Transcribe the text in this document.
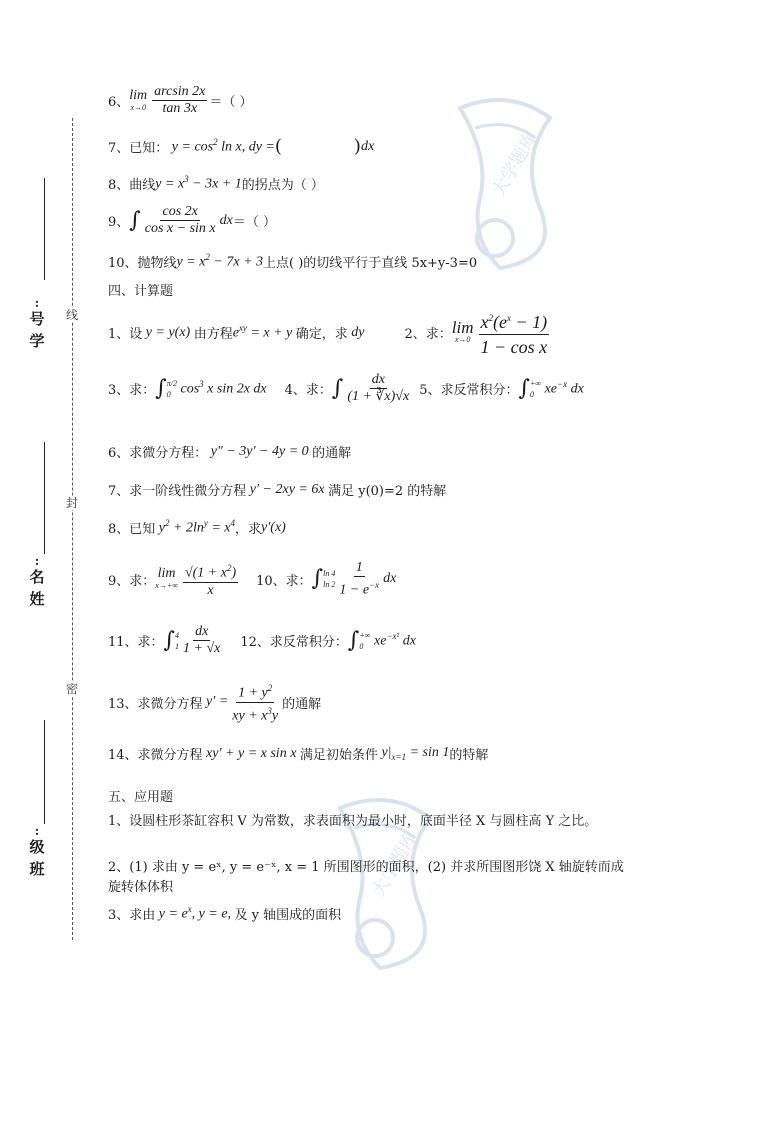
:
号
学
:
名
姓
:
级
班
线
封
密
大学题库
大学题库
6、 lim
$x\to 0 \frac{\arcsin 2x}{\tan 3x}$ ＝（ ）
7、已知： $y = \cos^2 \ln x$, dy = (	) dx
8、曲线 $y = x^3 - 3x + 1$ 的拐点为（ ）
9、 ∫ $\frac{\cos 2x}{\text{cos x − sin x}}$ dx ＝（ ）
10、抛物线 $y = x^2 - 7x + 3$ 上点( )的切线平行于直线 5x+y-3=0
四、计算题
1、设 y = y(x) 由方程 $e^{xy} = x + y$ 确定，求 dy	2、求： lim
$x\to 0 \frac{x^2(e^x - 1)}{\text{1 − cos x}}$
3、求： ∫ π/2
0 $\cos^3 x$ sin 2x dx 4、求： ∫ $\frac{dx}{(1 + ∛x)√x} 5$、求反常积分： ∫ +∞
0 $xe^{-x}$ dx
6、求微分方程： y″ − 3y′ − 4y = 0 的通解
7、求一阶线性微分方程 y′ − 2xy = 6x 满足 y(0)=2 的特解
8、已知 $y^2 + 2\ln^y = x^4$ ，求 y′(x)
9、求： lim
$x\to+\infty \frac{√(1 + x^2)}{x} 10$、求： ∫ ln 4
$\ln 2 \frac{1}{1 - e^{-x}}$ dx
11、求： ∫ 4
$1 \frac{dx}{1 + √x} 12$、求反常积分： ∫ +∞
0 $xe^{-x^2}$ dx
13、求微分方程 $y' = \frac{1 + y^2}{xy + x^3y}$ 的通解
14、求微分方程 xy′ + y = x sin x 满足初始条件 $y|_{x=1} = \sin 1$ 的特解
五、应用题
1、设圆柱形茶缸容积 V 为常数，求表面积为最小时，底面半径 X 与圆柱高 Y 之比。
2、(1) 求由 y = eˣ, y = e⁻ˣ, x = 1 所围图形的面积，(2) 并求所围图形饶 X 轴旋转而成旋转体体积
3、求由 $y = e^x$, y = e, 及 y 轴围成的面积
